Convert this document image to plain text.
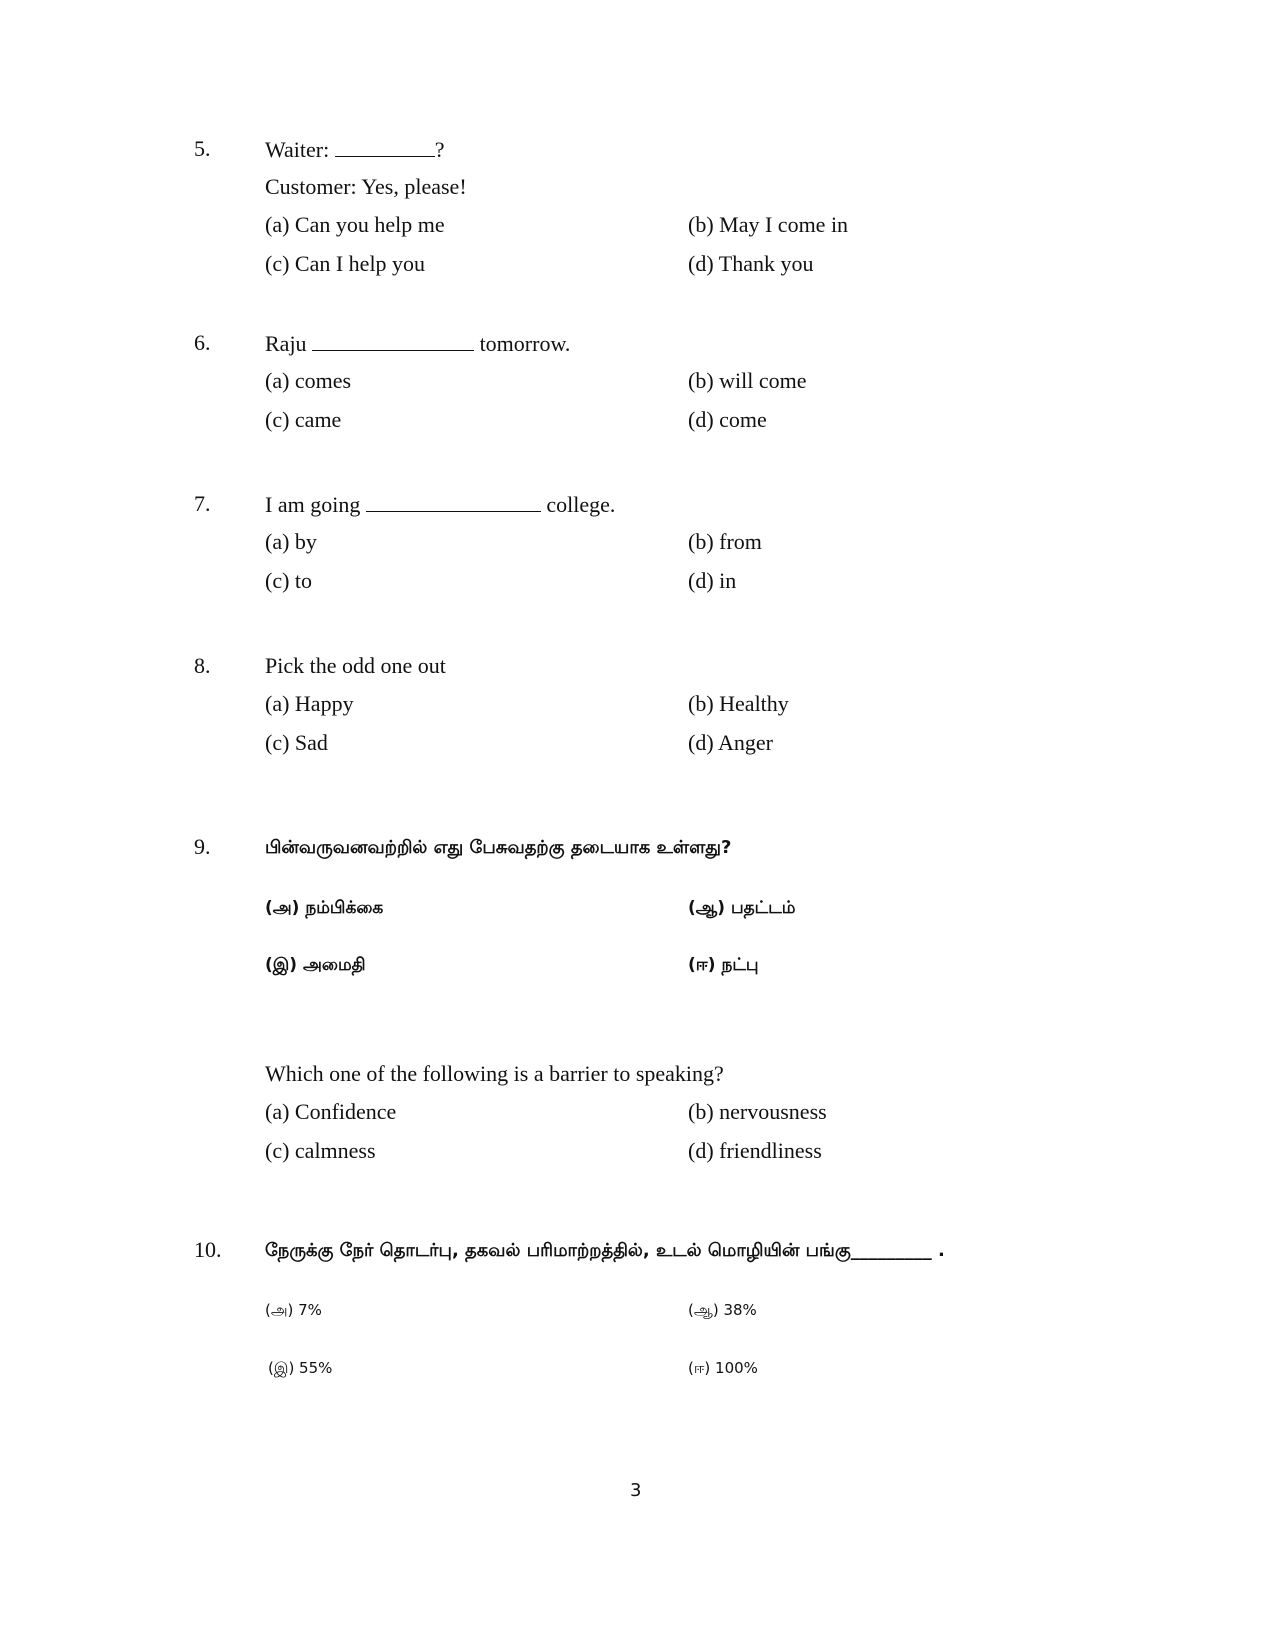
5. Waiter:	?
Customer: Yes, please!
(a) Can you help me	(b) May I come in
(c) Can I help you	(d) Thank you
6. Raju	tomorrow.
(a) comes	(b) will come
(c) came	(d) come
7. I am going	college.
(a) by	(b) from
(c) to	(d) in
8. Pick the odd one out
(a) Happy	(b) Healthy
(c) Sad	(d) Anger
9.	பின்வருவனவற்றில் எது பேசுவதற்கு தடையாக உள்ளது?
(அ) நம்பிக்கை	(ஆ) பதட்டம்
(இ) அமைதி	(ஈ) நட்பு
Which one of the following is a barrier to speaking?
(a) Confidence	(b) nervousness
(c) calmness	(d) friendliness
10. நேருக்கு நேர் தொடர்பு, தகவல் பரிமாற்றத்தில், உடல் மொழியின் பங்கு_________ .
(அ) 7%	(ஆ) 38%
(இ) 55%	(ஈ) 100%
3
